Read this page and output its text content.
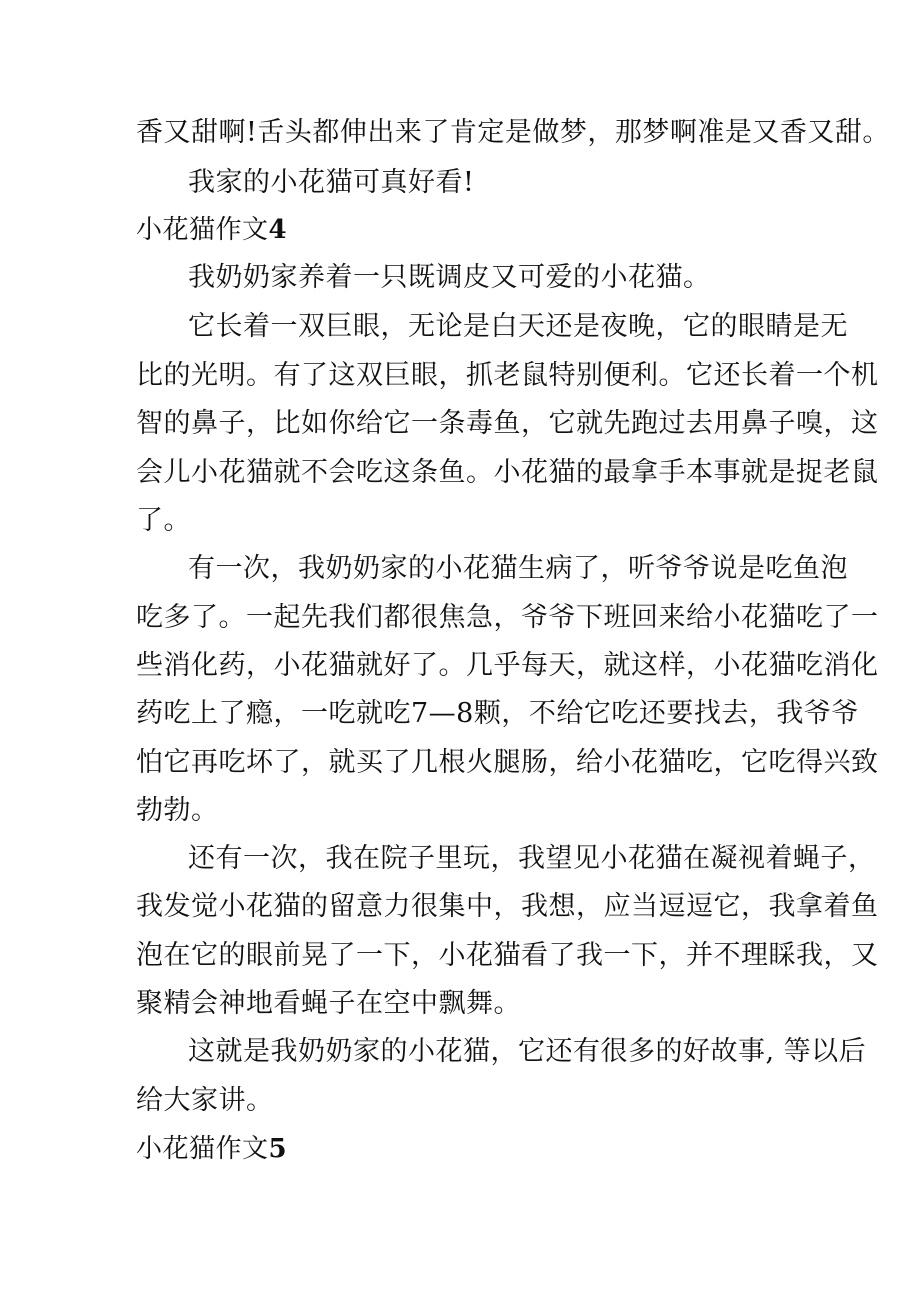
香又甜啊!舌头都伸出来了肯定是做梦，那梦啊准是又香又甜。
我家的小花猫可真好看!
小花猫作文4
我奶奶家养着一只既调皮又可爱的小花猫。
它长着一双巨眼，无论是白天还是夜晚，它的眼睛是无
比的光明。有了这双巨眼，抓老鼠特别便利。它还长着一个机
智的鼻子，比如你给它一条毒鱼，它就先跑过去用鼻子嗅，这
会儿小花猫就不会吃这条鱼。小花猫的最拿手本事就是捉老鼠
了。
有一次，我奶奶家的小花猫生病了，听爷爷说是吃鱼泡
吃多了。一起先我们都很焦急，爷爷下班回来给小花猫吃了一
些消化药，小花猫就好了。几乎每天，就这样，小花猫吃消化
药吃上了瘾，一吃就吃7—8颗，不给它吃还要找去，我爷爷
怕它再吃坏了，就买了几根火腿肠，给小花猫吃，它吃得兴致
勃勃。
还有一次，我在院子里玩，我望见小花猫在凝视着蝇子，
我发觉小花猫的留意力很集中，我想，应当逗逗它，我拿着鱼
泡在它的眼前晃了一下，小花猫看了我一下，并不理睬我，又
聚精会神地看蝇子在空中飘舞。
这就是我奶奶家的小花猫，它还有很多的好故事, 等以后
给大家讲。
小花猫作文5
